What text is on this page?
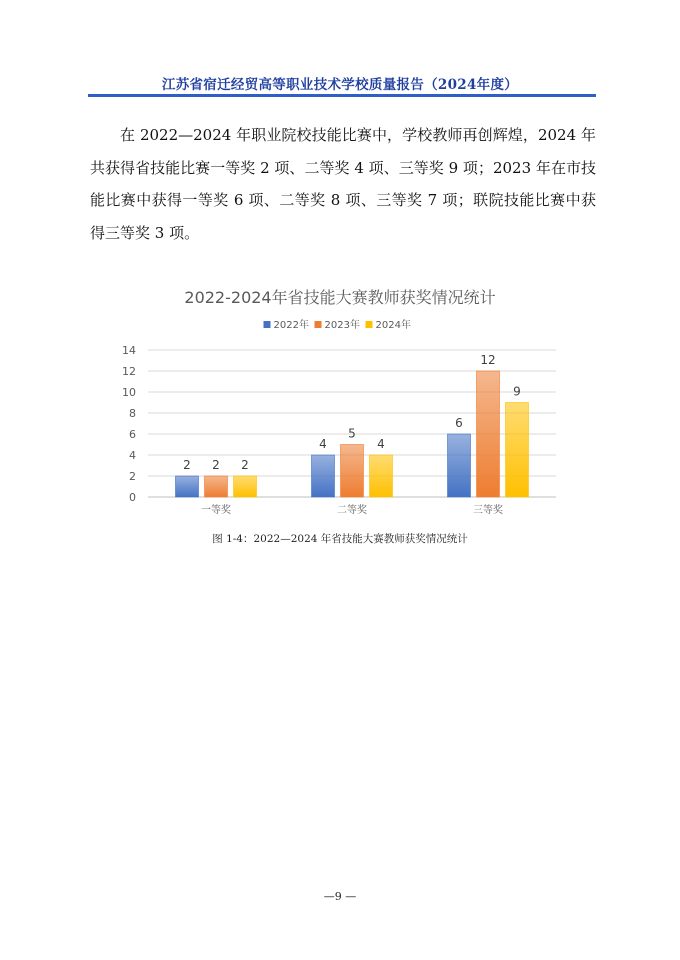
江苏省宿迁经贸高等职业技术学校质量报告（2024年度）

在 2022—2024 年职业院校技能比赛中，学校教师再创辉煌，2024 年共获得省技能比赛一等奖 2 项、二等奖 4 项、三等奖 9 项；2023 年在市技能比赛中获得一等奖 6 项、二等奖 8 项、三等奖 7 项；联院技能比赛中获得三等奖 3 项。

2022-2024年省技能大赛教师获奖情况统计
2022年 2023年 2024年
0
2
4
6
8
10
12
14
2 2 2
4
5
4
6
12
9
一等奖	二等奖	三等奖
图 1-4：2022—2024 年省技能大赛教师获奖情况统计
—9 —
